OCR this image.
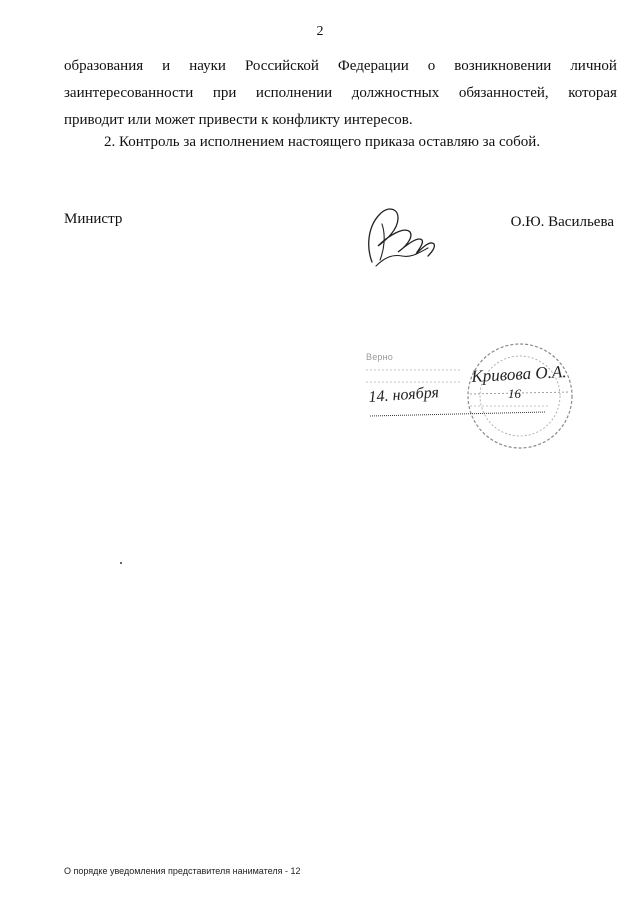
2
образования и науки Российской Федерации о возникновении личной
заинтересованности при исполнении должностных обязанностей, которая
приводит или может привести к конфликту интересов.
2. Контроль за исполнением настоящего приказа оставляю за собой.
Министр	О.Ю. Васильева
Верно
Кривова О.А.
14. ноября	16
О порядке уведомления представителя нанимателя - 12
